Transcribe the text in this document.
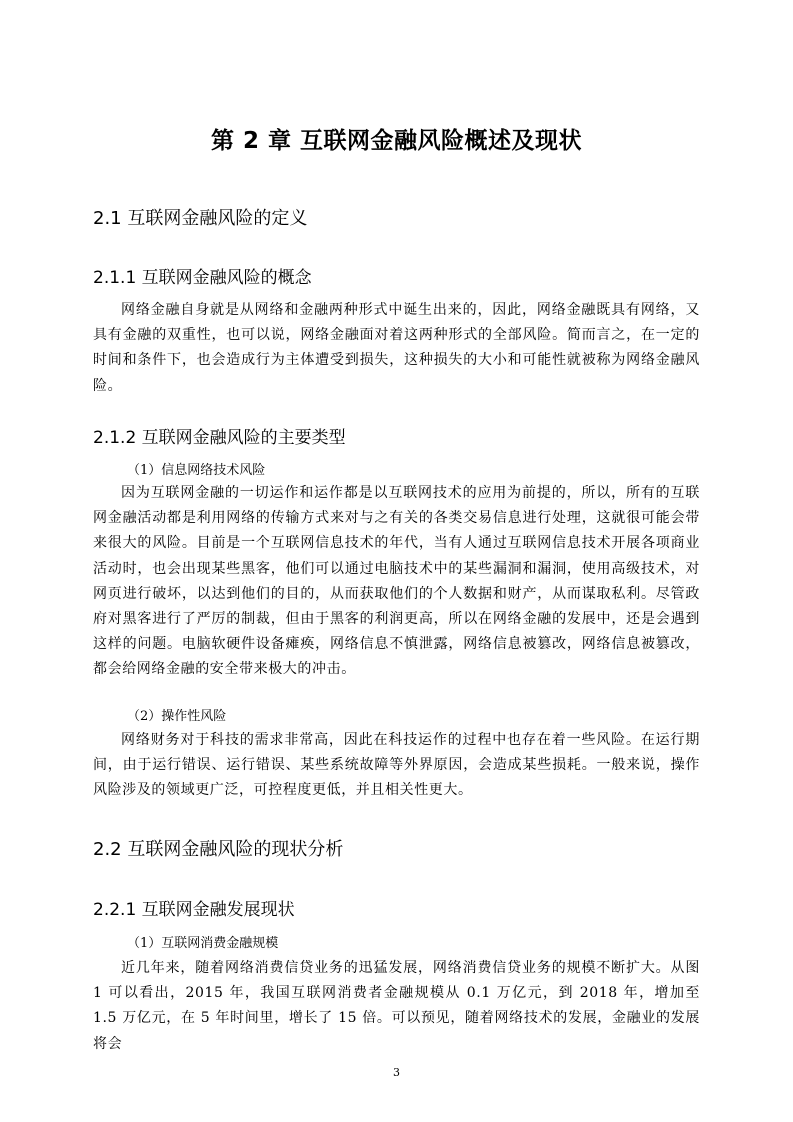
第 2 章 互联网金融风险概述及现状
2.1 互联网金融风险的定义
2.1.1 互联网金融风险的概念

网络金融自身就是从网络和金融两种形式中诞生出来的，因此，网络金融既具有网络，又具有金融的双重性，也可以说，网络金融面对着这两种形式的全部风险。简而言之，在一定的时间和条件下，也会造成行为主体遭受到损失，这种损失的大小和可能性就被称为网络金融风险。

2.1.2 互联网金融风险的主要类型

（1）信息网络技术风险

因为互联网金融的一切运作和运作都是以互联网技术的应用为前提的，所以，所有的互联网金融活动都是利用网络的传输方式来对与之有关的各类交易信息进行处理，这就很可能会带来很大的风险。目前是一个互联网信息技术的年代，当有人通过互联网信息技术开展各项商业活动时，也会出现某些黑客，他们可以通过电脑技术中的某些漏洞和漏洞，使用高级技术，对网页进行破坏，以达到他们的目的，从而获取他们的个人数据和财产，从而谋取私利。尽管政府对黑客进行了严厉的制裁，但由于黑客的利润更高，所以在网络金融的发展中，还是会遇到这样的问题。电脑软硬件设备瘫痪，网络信息不慎泄露，网络信息被篡改，网络信息被篡改，都会给网络金融的安全带来极大的冲击。

（2）操作性风险

网络财务对于科技的需求非常高，因此在科技运作的过程中也存在着一些风险。在运行期间，由于运行错误、运行错误、某些系统故障等外界原因，会造成某些损耗。一般来说，操作风险涉及的领域更广泛，可控程度更低，并且相关性更大。

2.2 互联网金融风险的现状分析
2.2.1 互联网金融发展现状

（1）互联网消费金融规模

近几年来，随着网络消费信贷业务的迅猛发展，网络消费信贷业务的规模不断扩大。从图 1 可以看出，2015 年，我国互联网消费者金融规模从 0.1 万亿元，到 2018 年，增加至 1.5 万亿元，在 5 年时间里，增长了 15 倍。可以预见，随着网络技术的发展，金融业的发展将会

3
